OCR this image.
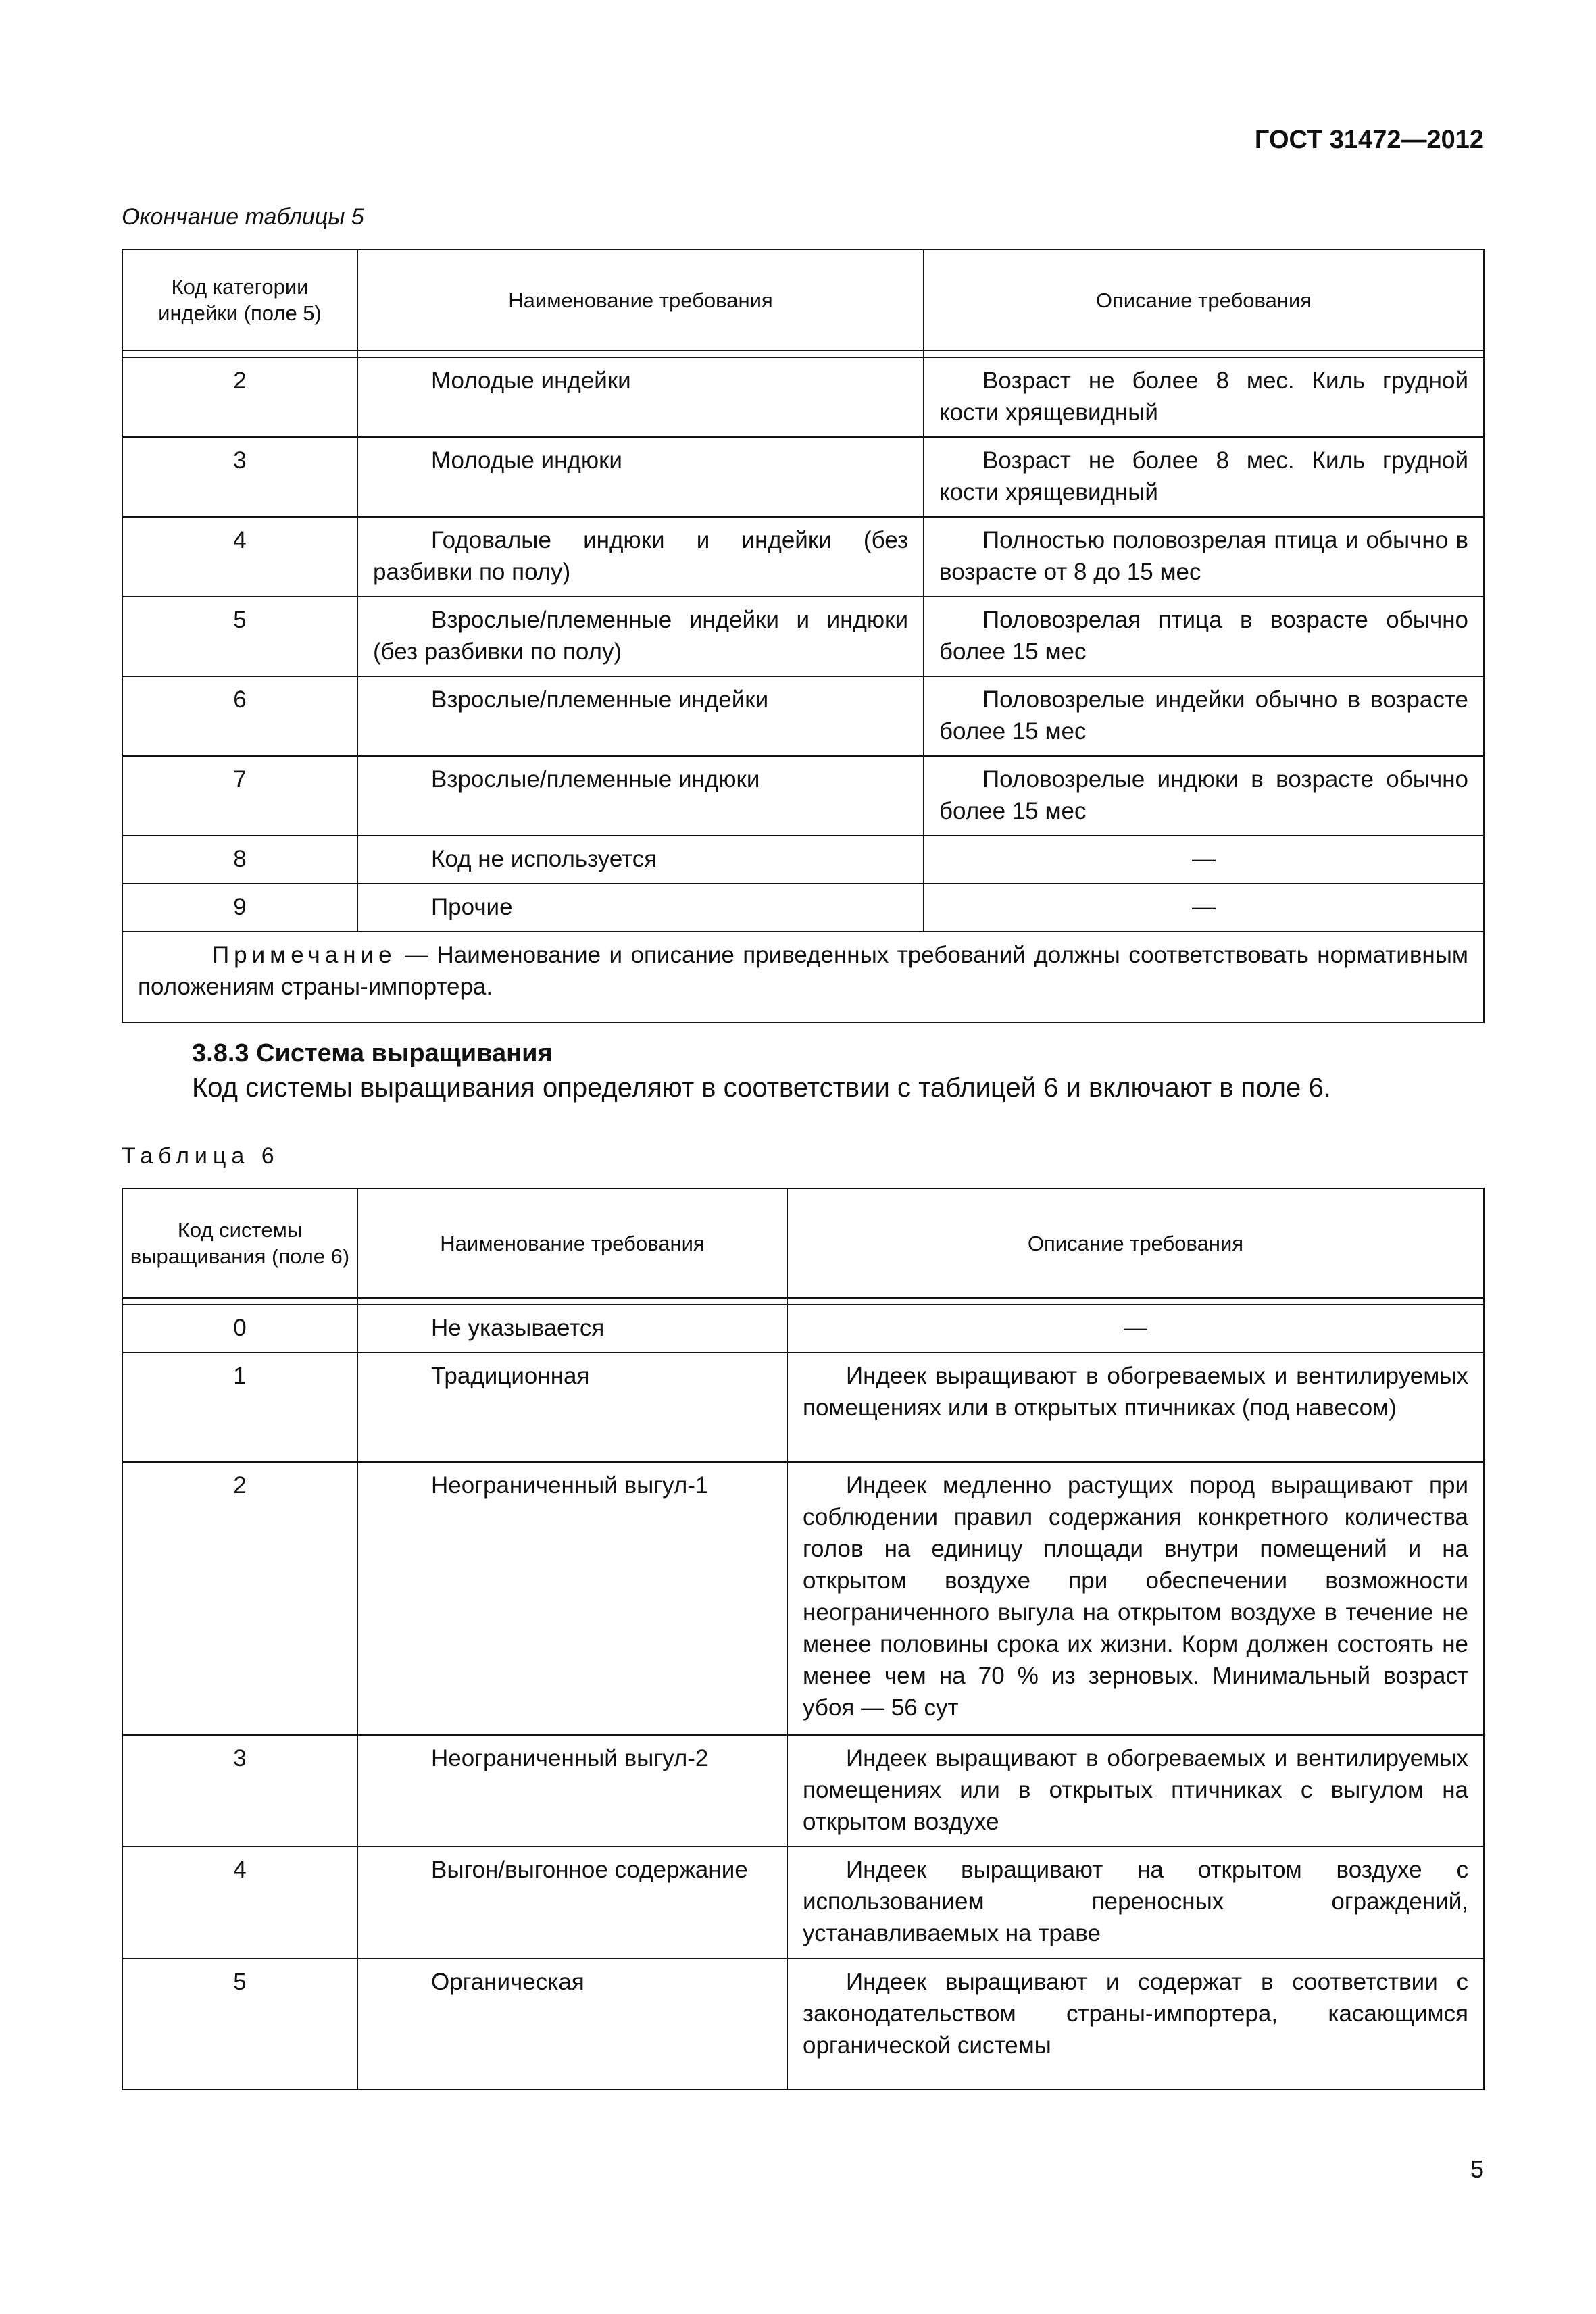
ГОСТ 31472—2012
Окончание таблицы 5
Код категории индейки (поле 5)	Наименование требования	Описание требования

2	Молодые индейки	Возраст не более 8 мес. Киль грудной кости хрящевидный
3	Молодые индюки	Возраст не более 8 мес. Киль грудной кости хрящевидный
4	Годовалые индюки и индейки (без разбивки по полу)	Полностью половозрелая птица и обычно в возрасте от 8 до 15 мес
5	Взрослые/племенные индейки и индюки (без разбивки по полу)	Половозрелая птица в возрасте обычно более 15 мес
6	Взрослые/племенные индейки	Половозрелые индейки обычно в возрасте более 15 мес
7	Взрослые/племенные индюки	Половозрелые индюки в возрасте обычно более 15 мес
8	Код не используется	—
9	Прочие	—
Примечание — Наименование и описание приведенных требований должны соответствовать нормативным положениям страны-импортера.		
3.8.3 Система выращивания
Код системы выращивания определяют в соответствии с таблицей 6 и включают в поле 6.
Таблица 6
Код системы выращивания (поле 6)	Наименование требования	Описание требования

0	Не указывается	—
1	Традиционная	Индеек выращивают в обогреваемых и вентилируемых помещениях или в открытых птичниках (под навесом)
2	Неограниченный выгул-1	Индеек медленно растущих пород выращивают при соблюдении правил содержания конкретного количества голов на единицу площади внутри помещений и на открытом воздухе при обеспечении возможности неограниченного выгула на открытом воздухе в течение не менее половины срока их жизни. Корм должен состоять не менее чем на 70 % из зерновых. Минимальный возраст убоя — 56 сут
3	Неограниченный выгул-2	Индеек выращивают в обогреваемых и вентилируемых помещениях или в открытых птичниках с выгулом на открытом воздухе
4	Выгон/выгонное содержание	Индеек выращивают на открытом воздухе с использованием переносных ограждений, устанавливаемых на траве
5	Органическая	Индеек выращивают и содержат в соответствии с законодательством страны-импортера, касающимся органической системы
5
